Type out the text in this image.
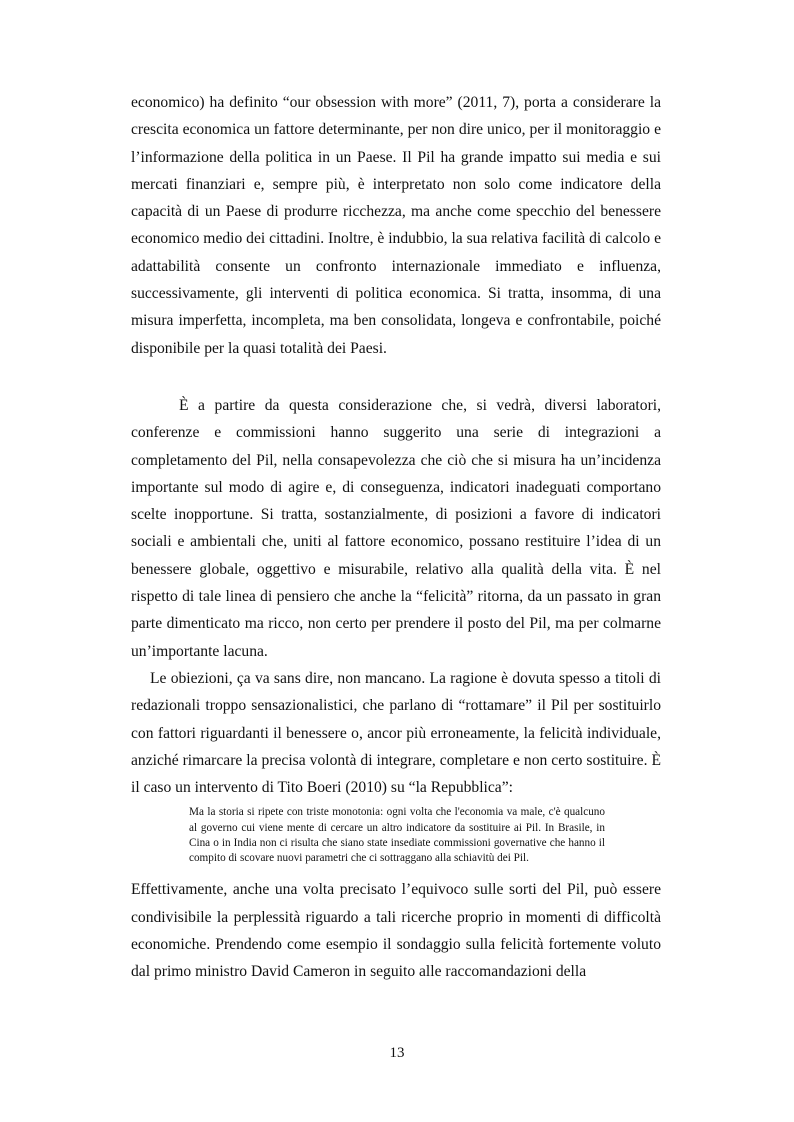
economico) ha definito “our obsession with more” (2011, 7), porta a considerare la crescita economica un fattore determinante, per non dire unico, per il monitoraggio e l’informazione della politica in un Paese. Il Pil ha grande impatto sui media e sui mercati finanziari e, sempre più, è interpretato non solo come indicatore della capacità di un Paese di produrre ricchezza, ma anche come specchio del benessere economico medio dei cittadini. Inoltre, è indubbio, la sua relativa facilità di calcolo e adattabilità consente un confronto internazionale immediato e influenza, successivamente, gli interventi di politica economica. Si tratta, insomma, di una misura imperfetta, incompleta, ma ben consolidata, longeva e confrontabile, poiché disponibile per la quasi totalità dei Paesi.

È a partire da questa considerazione che, si vedrà, diversi laboratori, conferenze e commissioni hanno suggerito una serie di integrazioni a completamento del Pil, nella consapevolezza che ciò che si misura ha un’incidenza importante sul modo di agire e, di conseguenza, indicatori inadeguati comportano scelte inopportune. Si tratta, sostanzialmente, di posizioni a favore di indicatori sociali e ambientali che, uniti al fattore economico, possano restituire l’idea di un benessere globale, oggettivo e misurabile, relativo alla qualità della vita. È nel rispetto di tale linea di pensiero che anche la “felicità” ritorna, da un passato in gran parte dimenticato ma ricco, non certo per prendere il posto del Pil, ma per colmarne un’importante lacuna.

Le obiezioni, ça va sans dire, non mancano. La ragione è dovuta spesso a titoli di redazionali troppo sensazionalistici, che parlano di “rottamare” il Pil per sostituirlo con fattori riguardanti il benessere o, ancor più erroneamente, la felicità individuale, anziché rimarcare la precisa volontà di integrare, completare e non certo sostituire. È il caso un intervento di Tito Boeri (2010) su “la Repubblica”:

Ma la storia si ripete con triste monotonia: ogni volta che l'economia va male, c'è qualcuno al governo cui viene mente di cercare un altro indicatore da sostituire ai Pil. In Brasile, in Cina o in India non ci risulta che siano state insediate commissioni governative che hanno il compito di scovare nuovi parametri che ci sottraggano alla schiavitù dei Pil.

Effettivamente, anche una volta precisato l’equivoco sulle sorti del Pil, può essere condivisibile la perplessità riguardo a tali ricerche proprio in momenti di difficoltà economiche. Prendendo come esempio il sondaggio sulla felicità fortemente voluto dal primo ministro David Cameron in seguito alle raccomandazioni della

13
